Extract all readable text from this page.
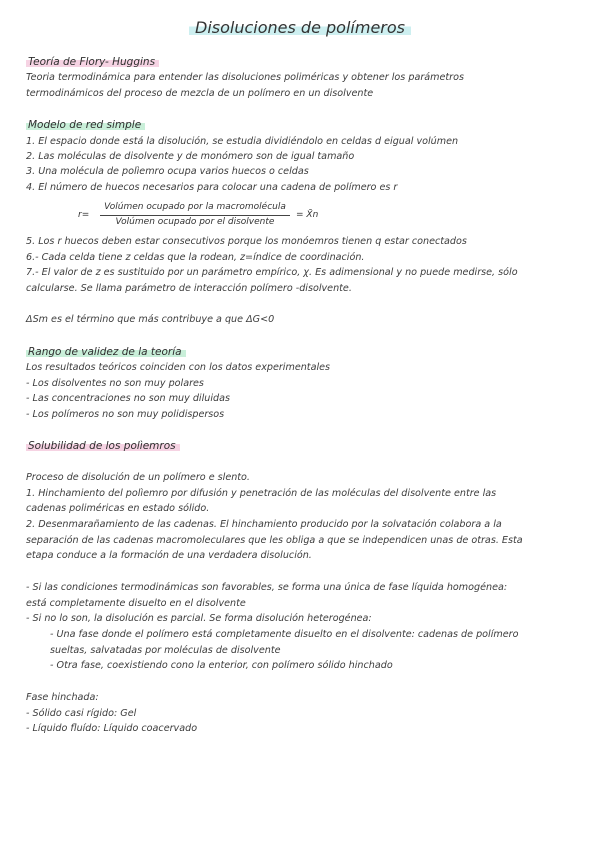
Disoluciones de polímeros
Teoría de Flory- Huggins
Teoria termodinámica para entender las disoluciones poliméricas y obtener los parámetros
termodinámicos del proceso de mezcla de un polímero en un disolvente
Modelo de red simple
1. El espacio donde está la disolución, se estudia dividiéndolo en celdas d eigual volúmen
2. Las moléculas de disolvente y de monómero son de igual tamaño
3. Una molécula de polìemro ocupa varios huecos o celdas
4. El número de huecos necesarios para colocar una cadena de polímero es r
r=
Volúmen ocupado por la macromolécula
Volúmen ocupado por el disolvente
= X̄n
5. Los r huecos deben estar consecutivos porque los monóemros tienen q estar conectados
6.- Cada celda tiene z celdas que la rodean, z=índice de coordinación.
7.- El valor de z es sustituido por un parámetro empírico, χ. Es adimensional y no puede medirse, sólo
calcularse. Se llama parámetro de interacción polímero -disolvente.
ΔSm es el término que más contribuye a que ΔG<0
Rango de validez de la teoría
Los resultados teóricos coinciden con los datos experimentales
- Los disolventes no son muy polares
- Las concentraciones no son muy diluidas
- Los polímeros no son muy polidispersos
Solubilidad de los polìemros
Proceso de disolución de un polímero e slento.
1. Hinchamiento del polìemro por difusión y penetración de las moléculas del disolvente entre las
cadenas poliméricas en estado sólido.
2. Desenmarañamiento de las cadenas. El hinchamiento producido por la solvatación colabora a la
separación de las cadenas macromoleculares que les obliga a que se independicen unas de otras. Esta
etapa conduce a la formación de una verdadera disolución.
- Si las condiciones termodinámicas son favorables, se forma una única de fase líquida homogénea:
está completamente disuelto en el disolvente
- Si no lo son, la disolución es parcial. Se forma disolución heterogénea:
- Una fase donde el polímero está completamente disuelto en el disolvente: cadenas de polímero
sueltas, salvatadas por moléculas de disolvente
- Otra fase, coexistiendo cono la enterior, con polímero sólido hinchado
Fase hinchada:
- Sólido casi rígido: Gel
- Líquido fluído: Líquido coacervado
